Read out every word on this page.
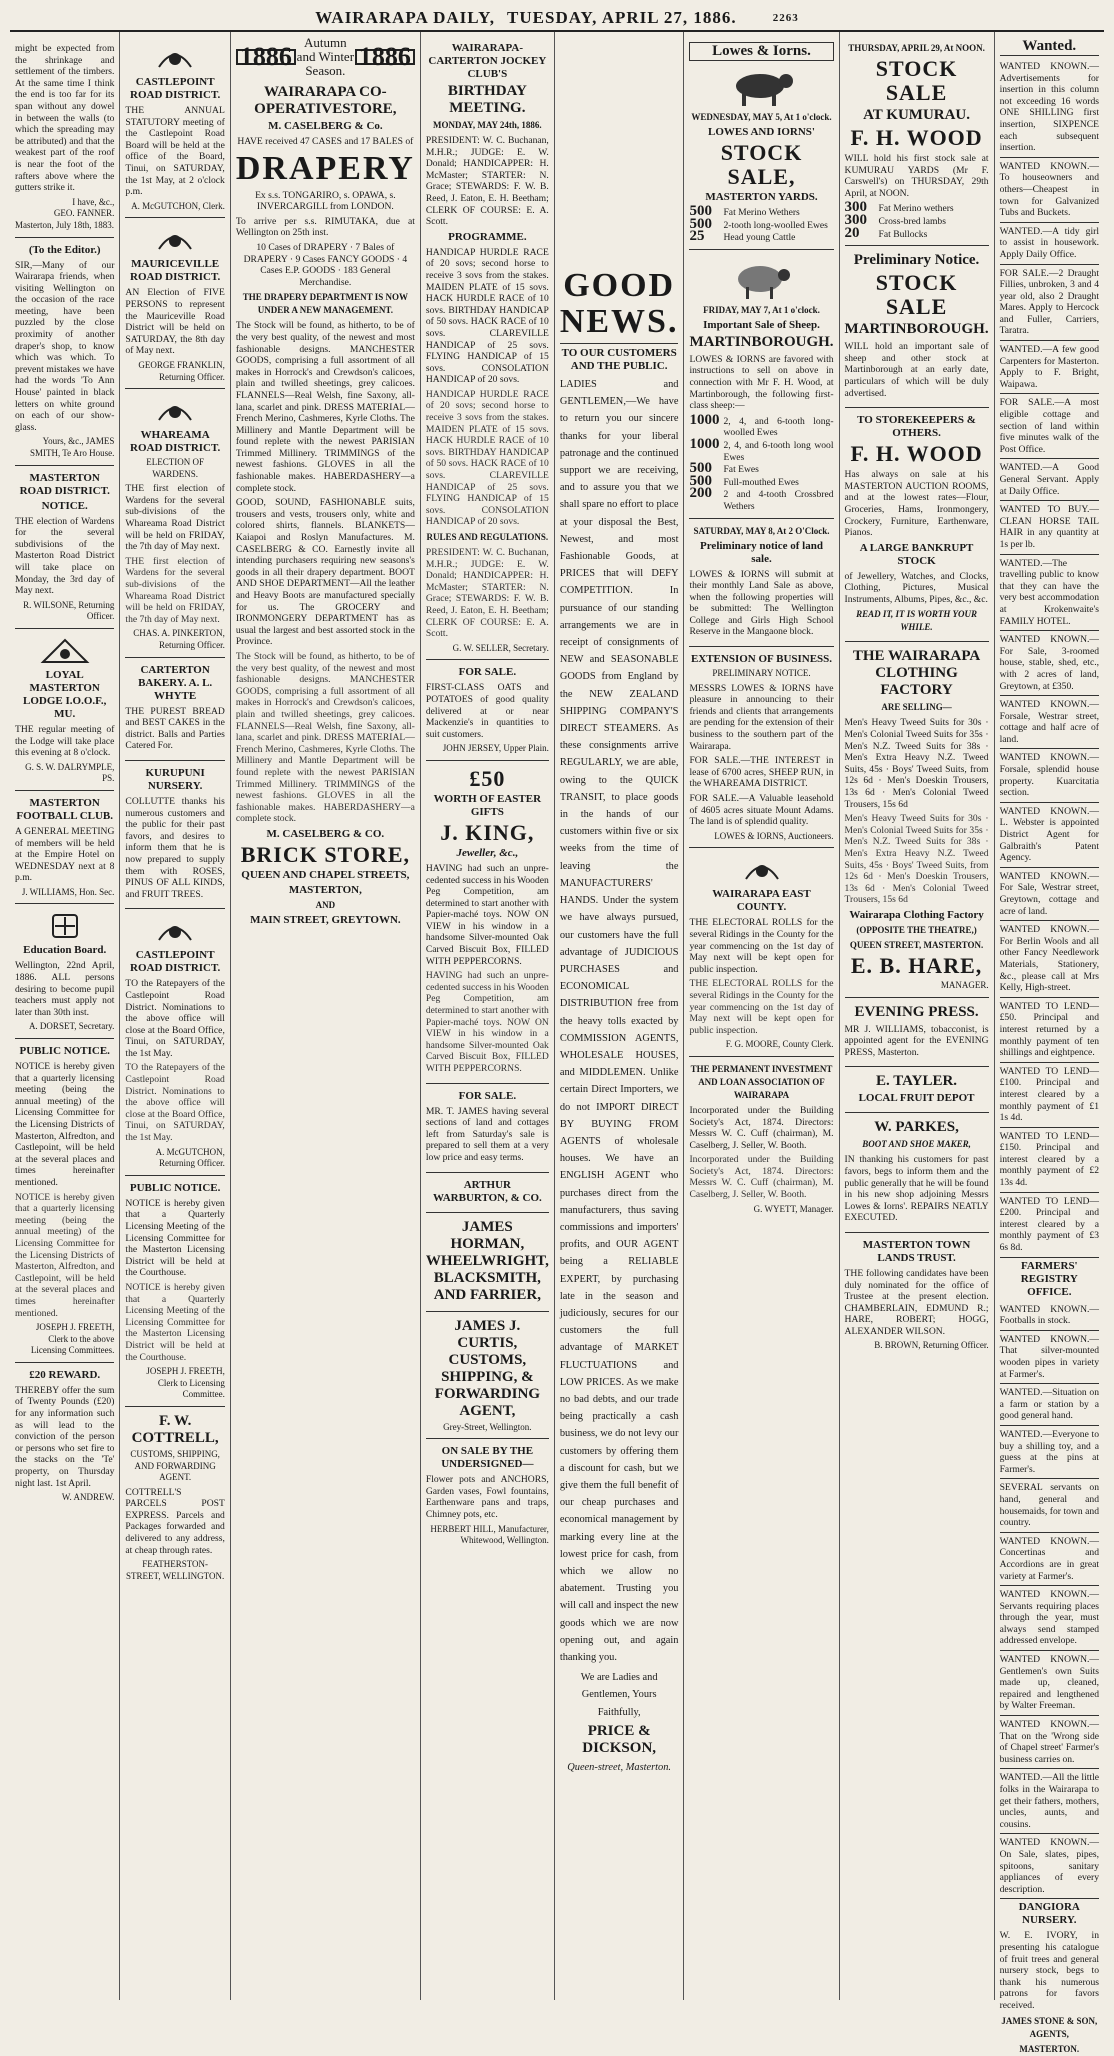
WAIRARAPA DAILY, TUESDAY, APRIL 27, 1886.	2263

might be expected from the shrinkage and settlement of the timbers. At the same time I think the end is too far for its span without any dowel in between the walls (to which the spreading may be attributed) and that the weakest part of the roof is near the foot of the rafters above where the gutters strike it.

I have, &c.,
GEO. FANNER.
Masterton, July 18th, 1883.
(To the Editor.)

SIR,—Many of our Wairarapa friends, when visiting Wellington on the occasion of the race meeting, have been puzzled by the close proximity of another draper's shop, to know which was which. To prevent mistakes we have had the words 'To Ann House' painted in black letters on white ground on each of our show-glass.

Yours, &c., JAMES SMITH, Te Aro House.
MASTERTON ROAD DISTRICT.
NOTICE.

THE election of Wardens for the several subdivisions of the Masterton Road District will take place on Monday, the 3rd day of May next.

R. WILSONE, Returning Officer.
LOYAL MASTERTON LODGE I.O.O.F., MU.

THE regular meeting of the Lodge will take place this evening at 8 o'clock.

G. S. W. DALRYMPLE, PS.
MASTERTON FOOTBALL CLUB.

A GENERAL MEETING of members will be held at the Empire Hotel on WEDNESDAY next at 8 p.m.

J. WILLIAMS, Hon. Sec.
Education Board.

Wellington, 22nd April, 1886. ALL persons desiring to become pupil teachers must apply not later than 30th inst.

A. DORSET, Secretary.
PUBLIC NOTICE.

NOTICE is hereby given that a quarterly licensing meeting (being the annual meeting) of the Licensing Committee for the Licensing Districts of Masterton, Alfredton, and Castlepoint, will be held at the several places and times hereinafter mentioned.

NOTICE is hereby given that a quarterly licensing meeting (being the annual meeting) of the Licensing Committee for the Licensing Districts of Masterton, Alfredton, and Castlepoint, will be held at the several places and times hereinafter mentioned.

JOSEPH J. FREETH, Clerk to the above Licensing Committees.
£20 REWARD.

THEREBY offer the sum of Twenty Pounds (£20) for any information such as will lead to the conviction of the person or persons who set fire to the stacks on the 'Te' property, on Thursday night last. 1st April.

W. ANDREW.
CASTLEPOINT ROAD DISTRICT.

THE ANNUAL STATUTORY meeting of the Castlepoint Road Board will be held at the office of the Board, Tinui, on SATURDAY, the 1st May, at 2 o'clock p.m.

A. McGUTCHON, Clerk.
MAURICEVILLE ROAD DISTRICT.

AN Election of FIVE PERSONS to represent the Mauriceville Road District will be held on SATURDAY, the 8th day of May next.

GEORGE FRANKLIN, Returning Officer.
WHAREAMA ROAD DISTRICT.
ELECTION OF WARDENS.

THE first election of Wardens for the several sub-divisions of the Whareama Road District will be held on FRIDAY, the 7th day of May next.

THE first election of Wardens for the several sub-divisions of the Whareama Road District will be held on FRIDAY, the 7th day of May next.

CHAS. A. PINKERTON, Returning Officer.
CARTERTON BAKERY. A. L. WHYTE

THE PUREST BREAD and BEST CAKES in the district. Balls and Parties Catered For.

KURUPUNI NURSERY.

COLLUTTE thanks his numerous customers and the public for their past favors, and desires to inform them that he is now prepared to supply them with ROSES, PINUS OF ALL KINDS, and FRUIT TREES.

CASTLEPOINT ROAD DISTRICT.

TO the Ratepayers of the Castlepoint Road District. Nominations to the above office will close at the Board Office, Tinui, on SATURDAY, the 1st May.

TO the Ratepayers of the Castlepoint Road District. Nominations to the above office will close at the Board Office, Tinui, on SATURDAY, the 1st May.

A. McGUTCHON, Returning Officer.
PUBLIC NOTICE.

NOTICE is hereby given that a Quarterly Licensing Meeting of the Licensing Committee for the Masterton Licensing District will be held at the Courthouse.

NOTICE is hereby given that a Quarterly Licensing Meeting of the Licensing Committee for the Masterton Licensing District will be held at the Courthouse.

JOSEPH J. FREETH, Clerk to Licensing Committee.
F. W. COTTRELL,
CUSTOMS, SHIPPING, AND FORWARDING AGENT.

COTTRELL'S PARCELS POST EXPRESS. Parcels and Packages forwarded and delivered to any address, at cheap through rates.

FEATHERSTON-STREET, WELLINGTON.
1886 Autumn and Winter Season. 1886
WAIRARAPA CO-OPERATIVESTORE,
M. CASELBERG & Co.

HAVE received 47 CASES and 17 BALES of

DRAPERY

Ex s.s. TONGARIRO, s. OPAWA, s. INVERCARGILL from LONDON.

To arrive per s.s. RIMUTAKA, due at Wellington on 25th inst.

10 Cases of DRAPERY · 7 Bales of DRAPERY · 9 Cases FANCY GOODS · 4 Cases E.P. GOODS · 183 General Merchandise.

THE DRAPERY DEPARTMENT IS NOW UNDER A NEW MANAGEMENT.

The Stock will be found, as hitherto, to be of the very best quality, of the newest and most fashionable designs. MANCHESTER GOODS, comprising a full assortment of all makes in Horrock's and Crewdson's calicoes, plain and twilled sheetings, grey calicoes. FLANNELS—Real Welsh, fine Saxony, all-lana, scarlet and pink. DRESS MATERIAL—French Merino, Cashmeres, Kyrle Cloths. The Millinery and Mantle Department will be found replete with the newest PARISIAN Trimmed Millinery. TRIMMINGS of the newest fashions. GLOVES in all the fashionable makes. HABERDASHERY—a complete stock.

GOOD, SOUND, FASHIONABLE suits, trousers and vests, trousers only, white and colored shirts, flannels. BLANKETS—Kaiapoi and Roslyn Manufactures. M. CASELBERG & CO. Earnestly invite all intending purchasers requiring new seasons's goods in all their drapery department. BOOT AND SHOE DEPARTMENT—All the leather and Heavy Boots are manufactured specially for us. The GROCERY and IRONMONGERY DEPARTMENT has as usual the largest and best assorted stock in the Province.

The Stock will be found, as hitherto, to be of the very best quality, of the newest and most fashionable designs. MANCHESTER GOODS, comprising a full assortment of all makes in Horrock's and Crewdson's calicoes, plain and twilled sheetings, grey calicoes. FLANNELS—Real Welsh, fine Saxony, all-lana, scarlet and pink. DRESS MATERIAL—French Merino, Cashmeres, Kyrle Cloths. The Millinery and Mantle Department will be found replete with the newest PARISIAN Trimmed Millinery. TRIMMINGS of the newest fashions. GLOVES in all the fashionable makes. HABERDASHERY—a complete stock.

M. CASELBERG & CO.
BRICK STORE,
QUEEN AND CHAPEL STREETS,
MASTERTON,
AND
MAIN STREET, GREYTOWN.
WAIRARAPA-CARTERTON JOCKEY CLUB'S
BIRTHDAY MEETING.
MONDAY, MAY 24th, 1886.

PRESIDENT: W. C. Buchanan, M.H.R.; JUDGE: E. W. Donald; HANDICAPPER: H. McMaster; STARTER: N. Grace; STEWARDS: F. W. B. Reed, J. Eaton, E. H. Beetham; CLERK OF COURSE: E. A. Scott.

PROGRAMME.

HANDICAP HURDLE RACE of 20 sovs; second horse to receive 3 sovs from the stakes. MAIDEN PLATE of 15 sovs. HACK HURDLE RACE of 10 sovs. BIRTHDAY HANDICAP of 50 sovs. HACK RACE of 10 sovs. CLAREVILLE HANDICAP of 25 sovs. FLYING HANDICAP of 15 sovs. CONSOLATION HANDICAP of 20 sovs.

HANDICAP HURDLE RACE of 20 sovs; second horse to receive 3 sovs from the stakes. MAIDEN PLATE of 15 sovs. HACK HURDLE RACE of 10 sovs. BIRTHDAY HANDICAP of 50 sovs. HACK RACE of 10 sovs. CLAREVILLE HANDICAP of 25 sovs. FLYING HANDICAP of 15 sovs. CONSOLATION HANDICAP of 20 sovs.

RULES AND REGULATIONS.

PRESIDENT: W. C. Buchanan, M.H.R.; JUDGE: E. W. Donald; HANDICAPPER: H. McMaster; STARTER: N. Grace; STEWARDS: F. W. B. Reed, J. Eaton, E. H. Beetham; CLERK OF COURSE: E. A. Scott.

G. W. SELLER, Secretary.
FOR SALE.

FIRST-CLASS OATS and POTATOES of good quality delivered at or near Mackenzie's in quantities to suit customers.

JOHN JERSEY, Upper Plain.
£50
WORTH OF EASTER GIFTS
J. KING,
Jeweller, &c.,

HAVING had such an unpre-cedented success in his Wooden Peg Competition, am determined to start another with Papier-maché toys. NOW ON VIEW in his window in a handsome Silver-mounted Oak Carved Biscuit Box, FILLED WITH PEPPERCORNS.

HAVING had such an unpre-cedented success in his Wooden Peg Competition, am determined to start another with Papier-maché toys. NOW ON VIEW in his window in a handsome Silver-mounted Oak Carved Biscuit Box, FILLED WITH PEPPERCORNS.

FOR SALE.

MR. T. JAMES having several sections of land and cottages left from Saturday's sale is prepared to sell them at a very low price and easy terms.

ARTHUR WARBURTON, & CO.
JAMES HORMAN, WHEELWRIGHT, BLACKSMITH, AND FARRIER,
JAMES J. CURTIS, CUSTOMS, SHIPPING, & FORWARDING AGENT,
Grey-Street, Wellington.
ON SALE BY THE UNDERSIGNED—

Flower pots and ANCHORS, Garden vases, Fowl fountains, Earthenware pans and traps, Chimney pots, etc.

HERBERT HILL, Manufacturer, Whitewood, Wellington.
GOOD NEWS.
TO OUR CUSTOMERS AND THE PUBLIC.

LADIES and GENTLEMEN,—We have to return you our sincere thanks for your liberal patronage and the continued support we are receiving, and to assure you that we shall spare no effort to place at your disposal the Best, Newest, and most Fashionable Goods, at PRICES that will DEFY COMPETITION. In pursuance of our standing arrangements we are in receipt of consignments of NEW and SEASONABLE GOODS from England by the NEW ZEALAND SHIPPING COMPANY'S DIRECT STEAMERS. As these consignments arrive REGULARLY, we are able, owing to the QUICK TRANSIT, to place goods in the hands of our customers within five or six weeks from the time of leaving the MANUFACTURERS' HANDS. Under the system we have always pursued, our customers have the full advantage of JUDICIOUS PURCHASES and ECONOMICAL DISTRIBUTION free from the heavy tolls exacted by COMMISSION AGENTS, WHOLESALE HOUSES, and MIDDLEMEN. Unlike certain Direct Importers, we do not IMPORT DIRECT BY BUYING FROM AGENTS of wholesale houses. We have an ENGLISH AGENT who purchases direct from the manufacturers, thus saving commissions and importers' profits, and OUR AGENT being a RELIABLE EXPERT, by purchasing late in the season and judiciously, secures for our customers the full advantage of MARKET FLUCTUATIONS and LOW PRICES. As we make no bad debts, and our trade being practically a cash business, we do not levy our customers by offering them a discount for cash, but we give them the full benefit of our cheap purchases and economical management by marking every line at the lowest price for cash, from which we allow no abatement. Trusting you will call and inspect the new goods which we are now opening out, and again thanking you.

We are Ladies and Gentlemen, Yours Faithfully,
PRICE & DICKSON,
Queen-street, Masterton.
Lowes & Iorns.
WEDNESDAY, MAY 5, At 1 o'clock.
LOWES AND IORNS'
STOCK SALE,
MASTERTON YARDS.
500	Fat Merino Wethers
500	2-tooth long-woolled Ewes
25	Head young Cattle
FRIDAY, MAY 7, At 1 o'clock.
Important Sale of Sheep.
MARTINBOROUGH.

LOWES & IORNS are favored with instructions to sell on above in connection with Mr F. H. Wood, at Martinborough, the following first-class sheep:—

1000 2, 4, and 6-tooth long-woolled Ewes
1000 2, 4, and 6-tooth long wool Ewes
500	Fat Ewes
500	Full-mouthed Ewes
200	2 and 4-tooth Crossbred Wethers
SATURDAY, MAY 8, At 2 O'Clock.
Preliminary notice of land sale.

LOWES & IORNS will submit at their monthly Land Sale as above, when the following properties will be submitted: The Wellington College and Girls High School Reserve in the Mangaone block.

EXTENSION OF BUSINESS.
PRELIMINARY NOTICE.

MESSRS LOWES & IORNS have pleasure in announcing to their friends and clients that arrangements are pending for the extension of their business to the southern part of the Wairarapa.

FOR SALE.—THE INTEREST in lease of 6700 acres, SHEEP RUN, in the WHAREAMA DISTRICT.

FOR SALE.—A Valuable leasehold of 4605 acres situate Mount Adams. The land is of splendid quality.

LOWES & IORNS, Auctioneers.
WAIRARAPA EAST COUNTY.

THE ELECTORAL ROLLS for the several Ridings in the County for the year commencing on the 1st day of May next will be kept open for public inspection.

THE ELECTORAL ROLLS for the several Ridings in the County for the year commencing on the 1st day of May next will be kept open for public inspection.

F. G. MOORE, County Clerk.
THE PERMANENT INVESTMENT AND LOAN ASSOCIATION OF WAIRARAPA

Incorporated under the Building Society's Act, 1874. Directors: Messrs W. C. Cuff (chairman), M. Caselberg, J. Seller, W. Booth.

Incorporated under the Building Society's Act, 1874. Directors: Messrs W. C. Cuff (chairman), M. Caselberg, J. Seller, W. Booth.

G. WYETT, Manager.
THURSDAY, APRIL 29, At NOON.
STOCK SALE
AT KUMURAU.
F. H. WOOD

WILL hold his first stock sale at KUMURAU YARDS (Mr F. Carswell's) on THURSDAY, 29th April, at NOON.

300	Fat Merino wethers
300	Cross-bred lambs
20	Fat Bullocks
Preliminary Notice.
STOCK SALE
MARTINBOROUGH.

WILL hold an important sale of sheep and other stock at Martinborough at an early date, particulars of which will be duly advertised.

TO STOREKEEPERS & OTHERS.
F. H. WOOD

Has always on sale at his MASTERTON AUCTION ROOMS, and at the lowest rates—Flour, Groceries, Hams, Ironmongery, Crockery, Furniture, Earthenware, Pianos.

A LARGE BANKRUPT STOCK

of Jewellery, Watches, and Clocks, Clothing, Pictures, Musical Instruments, Albums, Pipes, &c., &c.

READ IT, IT IS WORTH YOUR WHILE.
THE WAIRARAPA CLOTHING FACTORY
ARE SELLING—

Men's Heavy Tweed Suits for 30s · Men's Colonial Tweed Suits for 35s · Men's N.Z. Tweed Suits for 38s · Men's Extra Heavy N.Z. Tweed Suits, 45s · Boys' Tweed Suits, from 12s 6d · Men's Doeskin Trousers, 13s 6d · Men's Colonial Tweed Trousers, 15s 6d

Men's Heavy Tweed Suits for 30s · Men's Colonial Tweed Suits for 35s · Men's N.Z. Tweed Suits for 38s · Men's Extra Heavy N.Z. Tweed Suits, 45s · Boys' Tweed Suits, from 12s 6d · Men's Doeskin Trousers, 13s 6d · Men's Colonial Tweed Trousers, 15s 6d

Wairarapa Clothing Factory
(OPPOSITE THE THEATRE,)
QUEEN STREET, MASTERTON.
E. B. HARE,
MANAGER.
EVENING PRESS.

MR J. WILLIAMS, tobacconist, is appointed agent for the EVENING PRESS, Masterton.

E. TAYLER.
LOCAL FRUIT DEPOT
W. PARKES,
BOOT AND SHOE MAKER,

IN thanking his customers for past favors, begs to inform them and the public generally that he will be found in his new shop adjoining Messrs Lowes & Iorns'. REPAIRS NEATLY EXECUTED.

MASTERTON TOWN LANDS TRUST.

THE following candidates have been duly nominated for the office of Trustee at the present election. CHAMBERLAIN, EDMUND R.; HARE, ROBERT; HOGG, ALEXANDER WILSON.

B. BROWN, Returning Officer.
Wanted.
WANTED KNOWN.—Advertisements for insertion in this column not exceeding 16 words ONE SHILLING first insertion, SIXPENCE each subsequent insertion.
WANTED KNOWN.—To houseowners and others—Cheapest in town for Galvanized Tubs and Buckets.
WANTED.—A tidy girl to assist in housework. Apply Daily Office.
FOR SALE.—2 Draught Fillies, unbroken, 3 and 4 year old, also 2 Draught Mares. Apply to Hercock and Fuller, Carriers, Taratra.
WANTED.—A few good Carpenters for Masterton. Apply to F. Bright, Waipawa.
FOR SALE.—A most eligible cottage and section of land within five minutes walk of the Post Office.
WANTED.—A Good General Servant. Apply at Daily Office.
WANTED TO BUY.—CLEAN HORSE TAIL HAIR in any quantity at 1s per lb.
WANTED.—The travelling public to know that they can have the very best accommodation at Krokenwaite's FAMILY HOTEL.
WANTED KNOWN.—For Sale, 3-roomed house, stable, shed, etc., with 2 acres of land, Greytown, at £350.
WANTED KNOWN.—Forsale, Westrar street, cottage and half acre of land.
WANTED KNOWN.—Forsale, splendid house property. Kuarcitatia section.
WANTED KNOWN.—L. Webster is appointed District Agent for Galbraith's Patent Agency.
WANTED KNOWN.—For Sale, Westrar street, Greytown, cottage and acre of land.
WANTED KNOWN.—For Berlin Wools and all other Fancy Needlework Materials, Stationery, &c., please call at Mrs Kelly, High-street.
WANTED TO LEND—£50. Principal and interest returned by a monthly payment of ten shillings and eightpence.
WANTED TO LEND—£100. Principal and interest cleared by a monthly payment of £1 1s 4d.
WANTED TO LEND—£150. Principal and interest cleared by a monthly payment of £2 13s 4d.
WANTED TO LEND—£200. Principal and interest cleared by a monthly payment of £3 6s 8d.
FARMERS' REGISTRY OFFICE.
WANTED KNOWN.—Footballs in stock.
WANTED KNOWN.—That silver-mounted wooden pipes in variety at Farmer's.
WANTED.—Situation on a farm or station by a good general hand.
WANTED.—Everyone to buy a shilling toy, and a guess at the pins at Farmer's.
SEVERAL servants on hand, general and housemaids, for town and country.
WANTED KNOWN.—Concertinas and Accordions are in great variety at Farmer's.
WANTED KNOWN.—Servants requiring places through the year, must always send stamped addressed envelope.
WANTED KNOWN.—Gentlemen's own Suits made up, cleaned, repaired and lengthened by Walter Freeman.
WANTED KNOWN.—That on the 'Wrong side of Chapel street' Farmer's business carries on.
WANTED.—All the little folks in the Wairarapa to get their fathers, mothers, uncles, aunts, and cousins.
WANTED KNOWN.—On Sale, slates, pipes, spitoons, sanitary appliances of every description.
DANGIORA NURSERY.

W. E. IVORY, in presenting his catalogue of fruit trees and general nursery stock, begs to thank his numerous patrons for favors received.

JAMES STONE & SON, AGENTS,
MASTERTON.
